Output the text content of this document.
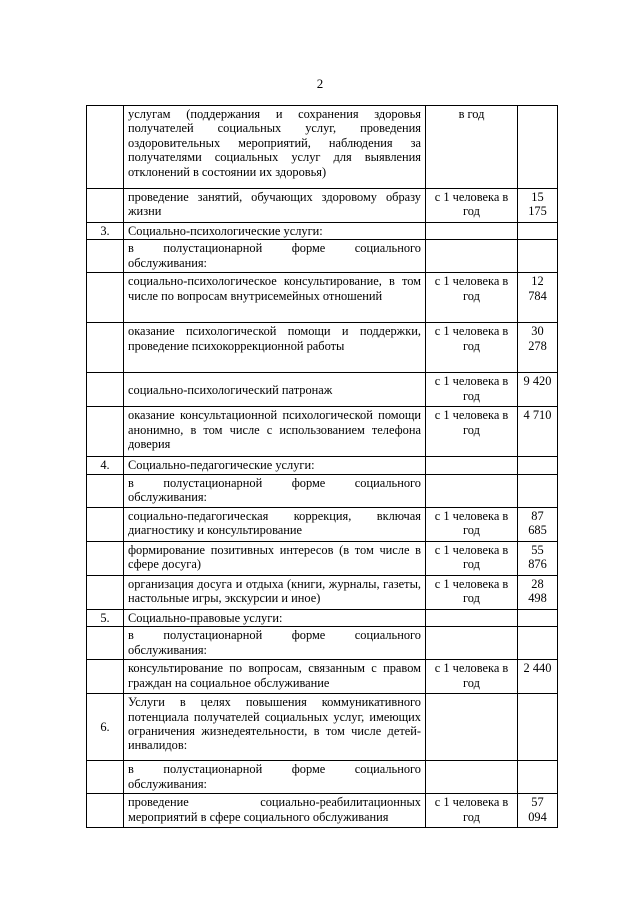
2
	услугам (поддержания и сохранения здоровья получателей социальных услуг, проведения оздоровительных мероприятий, наблюдения за получателями социальных услуг для выявления отклонений в состоянии их здоровья)	в год	
	проведение занятий, обучающих здоровому образу жизни	с 1 человека в год	15 175
3.	Социально-психологические услуги:		
	в полустационарной форме социального обслуживания:		
	социально-психологическое консультирование, в том числе по вопросам внутрисемейных отношений	с 1 человека в год	12 784
	оказание психологической помощи и поддержки, проведение психокоррекционной работы	с 1 человека в год	30 278
	социально-психологический патронаж	с 1 человека в год	9 420
	оказание консультационной психологической помощи анонимно, в том числе с использованием телефона доверия	с 1 человека в год	4 710
4.	Социально-педагогические услуги:		
	в полустационарной форме социального обслуживания:		
	социально-педагогическая коррекция, включая диагностику и консультирование	с 1 человека в год	87 685
	формирование позитивных интересов (в том числе в сфере досуга)	с 1 человека в год	55 876
	организация досуга и отдыха (книги, журналы, газеты, настольные игры, экскурсии и иное)	с 1 человека в год	28 498
5.	Социально-правовые услуги:		
	в полустационарной форме социального обслуживания:		
	консультирование по вопросам, связанным с правом граждан на социальное обслуживание	с 1 человека в год	2 440
6.	Услуги в целях повышения коммуникативного потенциала получателей социальных услуг, имеющих ограничения жизнедеятельности, в том числе детей-инвалидов:		
	в полустационарной форме социального обслуживания:		
	проведение социально-реабилитационных мероприятий в сфере социального обслуживания	с 1 человека в год	57 094
